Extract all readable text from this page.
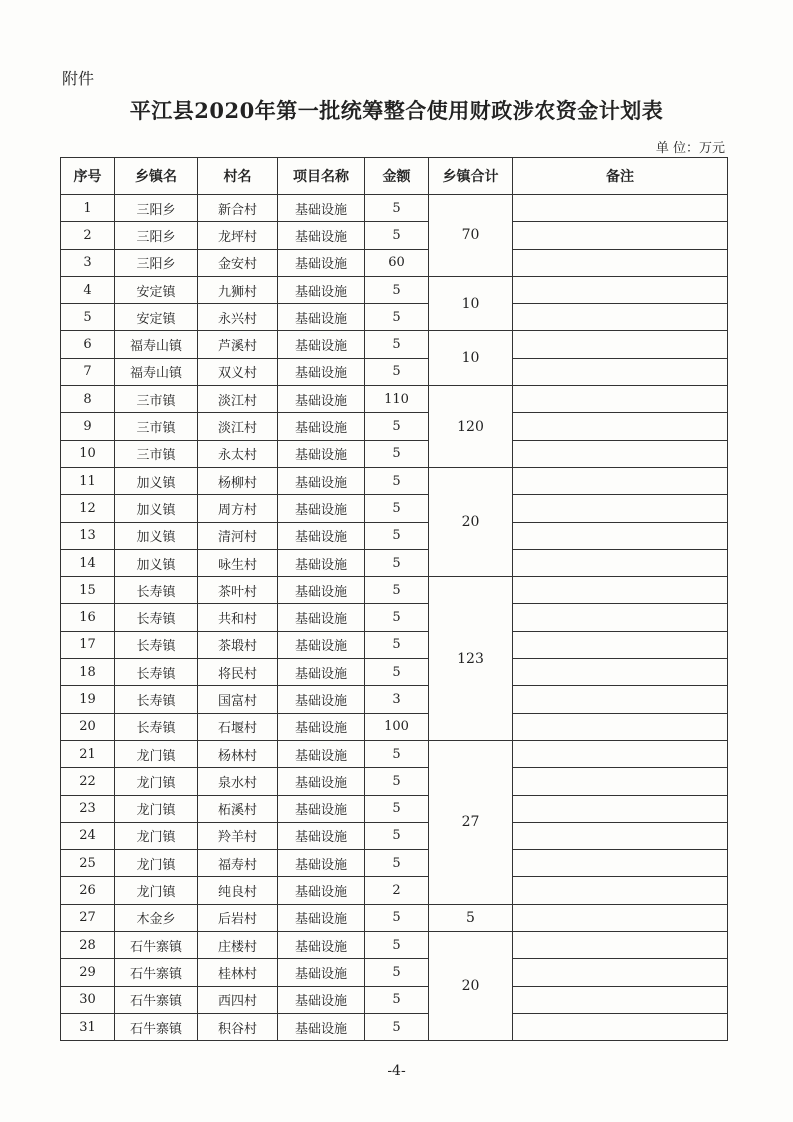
附件
平江县2020年第一批统筹整合使用财政涉农资金计划表
单 位：万元
序号	乡镇名	村名	项目名称	金额	乡镇合计	备注
1	三阳乡	新合村	基础设施	5	70	
2	三阳乡	龙坪村	基础设施	5		
3	三阳乡	金安村	基础设施	60		
4	安定镇	九狮村	基础设施	5	10	
5	安定镇	永兴村	基础设施	5		
6	福寿山镇	芦溪村	基础设施	5	10	
7	福寿山镇	双义村	基础设施	5		
8	三市镇	淡江村	基础设施	110	120	
9	三市镇	淡江村	基础设施	5		
10	三市镇	永太村	基础设施	5		
11	加义镇	杨柳村	基础设施	5	20	
12	加义镇	周方村	基础设施	5		
13	加义镇	清河村	基础设施	5		
14	加义镇	咏生村	基础设施	5		
15	长寿镇	茶叶村	基础设施	5	123	
16	长寿镇	共和村	基础设施	5		
17	长寿镇	茶塅村	基础设施	5		
18	长寿镇	将民村	基础设施	5		
19	长寿镇	国富村	基础设施	3		
20	长寿镇	石堰村	基础设施	100		
21	龙门镇	杨林村	基础设施	5	27	
22	龙门镇	泉水村	基础设施	5		
23	龙门镇	柘溪村	基础设施	5		
24	龙门镇	羚羊村	基础设施	5		
25	龙门镇	福寿村	基础设施	5		
26	龙门镇	纯良村	基础设施	2		
27	木金乡	后岩村	基础设施	5	5	
28	石牛寨镇	庄楼村	基础设施	5	20	
29	石牛寨镇	桂林村	基础设施	5		
30	石牛寨镇	西四村	基础设施	5		
31	石牛寨镇	积谷村	基础设施	5		
-4-
